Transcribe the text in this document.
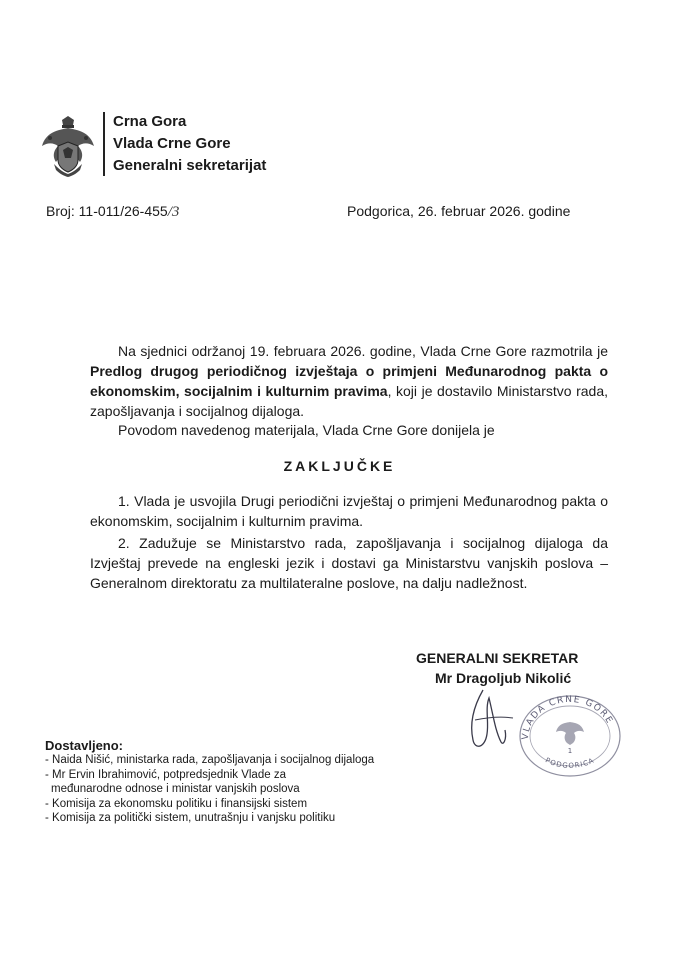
Crna Gora
Vlada Crne Gore
Generalni sekretarijat
Broj: 11-011/26-455/3	Podgorica, 26. februar 2026. godine
Na sjednici održanoj 19. februara 2026. godine, Vlada Crne Gore razmotrila je Predlog drugog periodičnog izvještaja o primjeni Međunarodnog pakta o ekonomskim, socijalnim i kulturnim pravima, koji je dostavilo Ministarstvo rada, zapošljavanja i socijalnog dijaloga.
Povodom navedenog materijala, Vlada Crne Gore donijela je
ZAKLJUČKE
1. Vlada je usvojila Drugi periodični izvještaj o primjeni Međunarodnog pakta o ekonomskim, socijalnim i kulturnim pravima.
2. Zadužuje se Ministarstvo rada, zapošljavanja i socijalnog dijaloga da Izvještaj prevede na engleski jezik i dostavi ga Ministarstvu vanjskih poslova – Generalnom direktoratu za multilateralne poslove, na dalju nadležnost.
GENERALNI SEKRETAR
Mr Dragoljub Nikolić
VLADA CRNE GORE
1
PODGORICA
Dostavljeno:
- Naida Nišić, ministarka rada, zapošljavanja i socijalnog dijaloga
- Mr Ervin Ibrahimović, potpredsjednik Vlade za
međunarodne odnose i ministar vanjskih poslova
- Komisija za ekonomsku politiku i finansijski sistem
- Komisija za politički sistem, unutrašnju i vanjsku politiku
